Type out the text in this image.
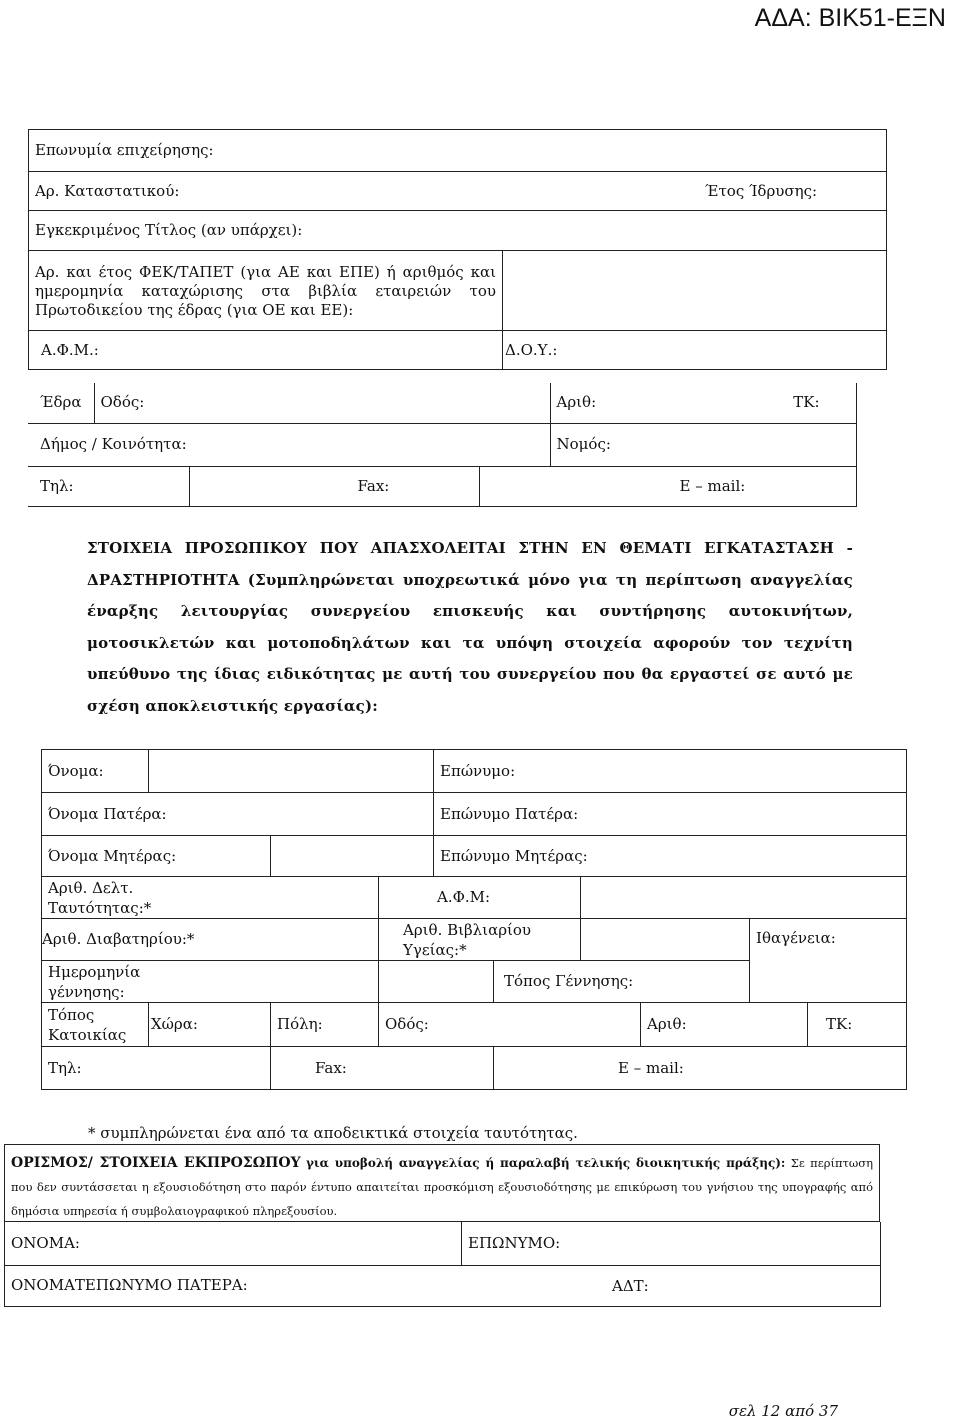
ΑΔΑ: ΒΙΚ51-ΕΞΝ
Επωνυμία επιχείρησης:	
Αρ. Καταστατικού: Έτος Ίδρυσης:	

Εγκεκριμένος Τίτλος (αν υπάρχει):	

Αρ. και έτος ΦΕΚ/ΤΑΠΕΤ (για ΑΕ και ΕΠΕ) ή αριθμός και
ημερομηνία καταχώρισης στα βιβλία εταιρειών του
Πρωτοδικείου της έδρας (για ΟΕ και ΕΕ):	

Α.Φ.Μ.:	Δ.Ο.Υ.:
Έδρα	Οδός:			Αριθ:	ΤΚ:
Δήμος / Κοινότητα:				Νομός:	
Τηλ:		Fax:	E – mail:		
ΣΤΟΙΧΕΙΑ ΠΡΟΣΩΠΙΚΟΥ ΠΟΥ ΑΠΑΣΧΟΛΕΙΤΑΙ ΣΤΗΝ ΕΝ ΘΕΜΑΤΙ ΕΓΚΑΤΑΣΤΑΣΗ - ΔΡΑΣΤΗΡΙΟΤΗΤΑ (Συμπληρώνεται υποχρεωτικά μόνο για τη περίπτωση αναγγελίας έναρξης λειτουργίας συνεργείου επισκευής και συντήρησης αυτοκινήτων, μοτοσικλετών και μοτοποδηλάτων και τα υπόψη στοιχεία αφορούν τον τεχνίτη υπεύθυνο της ίδιας ειδικότητας με αυτή του συνεργείου που θα εργαστεί σε αυτό με σχέση αποκλειστικής εργασίας):
Όνομα:				Επώνυμο:					
Όνομα Πατέρα:				Επώνυμο Πατέρα:					
Όνομα Μητέρας:				Επώνυμο Μητέρας:					

Αριθ. Δελτ.
Ταυτότητας:*			Α.Φ.Μ:						
Αριθ. Διαβατηρίου:*			Αριθ. Βιβλιαρίου
Υγείας:*					Ιθαγένεια:	

Ημερομηνία
γέννησης:					Τόπος Γέννησης:				

Τόπος
Κατοικίας	Χώρα:	Πόλη:	Οδός:				Αριθ:		ΤΚ:
Τηλ:		Fax:			E – mail:				
* συμπληρώνεται ένα από τα αποδεικτικά στοιχεία ταυτότητας.
ΟΡΙΣΜΟΣ/ ΣΤΟΙΧΕΙΑ ΕΚΠΡΟΣΩΠΟΥ για υποβολή αναγγελίας ή παραλαβή τελικής διοικητικής πράξης): Σε περίπτωση που δεν συντάσσεται η εξουσιοδότηση στο παρόν έντυπο απαιτείται προσκόμιση εξουσιοδότησης με επικύρωση του γνήσιου της υπογραφής από δημόσια υπηρεσία ή συμβολαιογραφικού πληρεξουσίου.
ΟΝΟΜΑ:	ΕΠΩΝΥΜΟ:
ΟΝΟΜΑΤΕΠΩΝΥΜΟ ΠΑΤΕΡΑ:	ΑΔΤ:
σελ 12 από 37
